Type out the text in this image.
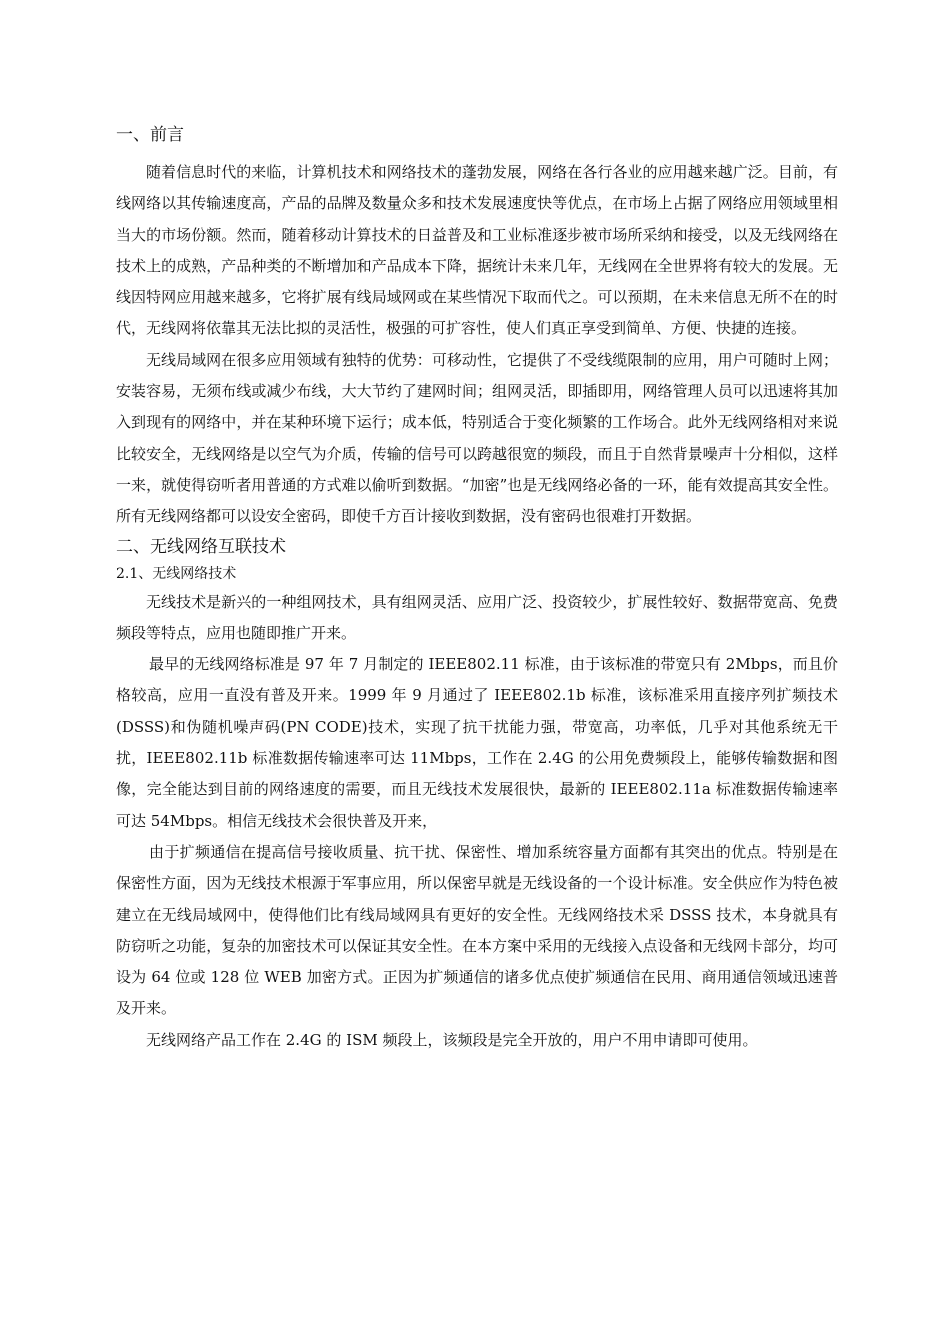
一、前言

随着信息时代的来临，计算机技术和网络技术的蓬勃发展，网络在各行各业的应用越来越广泛。目前，有线网络以其传输速度高，产品的品牌及数量众多和技术发展速度快等优点，在市场上占据了网络应用领域里相当大的市场份额。然而，随着移动计算技术的日益普及和工业标准逐步被市场所采纳和接受，以及无线网络在技术上的成熟，产品种类的不断增加和产品成本下降，据统计未来几年，无线网在全世界将有较大的发展。无线因特网应用越来越多，它将扩展有线局域网或在某些情况下取而代之。可以预期，在未来信息无所不在的时代，无线网将依靠其无法比拟的灵活性，极强的可扩容性，使人们真正享受到简单、方便、快捷的连接。

无线局域网在很多应用领域有独特的优势：可移动性，它提供了不受线缆限制的应用，用户可随时上网；安装容易，无须布线或减少布线，大大节约了建网时间；组网灵活，即插即用，网络管理人员可以迅速将其加入到现有的网络中，并在某种环境下运行；成本低，特别适合于变化频繁的工作场合。此外无线网络相对来说比较安全，无线网络是以空气为介质，传输的信号可以跨越很宽的频段，而且于自然背景噪声十分相似，这样一来，就使得窃听者用普通的方式难以偷听到数据。“加密”也是无线网络必备的一环，能有效提高其安全性。所有无线网络都可以设安全密码，即使千方百计接收到数据，没有密码也很难打开数据。

二、无线网络互联技术
2.1、无线网络技术

无线技术是新兴的一种组网技术，具有组网灵活、应用广泛、投资较少，扩展性较好、数据带宽高、免费频段等特点，应用也随即推广开来。

最早的无线网络标准是 97 年 7 月制定的 IEEE802.11 标准，由于该标准的带宽只有 2Mbps，而且价格较高，应用一直没有普及开来。1999 年 9 月通过了 IEEE802.1b 标准，该标准采用直接序列扩频技术(DSSS)和伪随机噪声码(PN CODE)技术，实现了抗干扰能力强，带宽高，功率低，几乎对其他系统无干扰，IEEE802.11b 标准数据传输速率可达 11Mbps，工作在 2.4G 的公用免费频段上，能够传输数据和图像，完全能达到目前的网络速度的需要，而且无线技术发展很快，最新的 IEEE802.11a 标准数据传输速率可达 54Mbps。相信无线技术会很快普及开来，

由于扩频通信在提高信号接收质量、抗干扰、保密性、增加系统容量方面都有其突出的优点。特别是在保密性方面，因为无线技术根源于军事应用，所以保密早就是无线设备的一个设计标准。安全供应作为特色被建立在无线局域网中，使得他们比有线局域网具有更好的安全性。无线网络技术采 DSSS 技术，本身就具有防窃听之功能，复杂的加密技术可以保证其安全性。在本方案中采用的无线接入点设备和无线网卡部分，均可设为 64 位或 128 位 WEB 加密方式。正因为扩频通信的诸多优点使扩频通信在民用、商用通信领域迅速普及开来。

无线网络产品工作在 2.4G 的 ISM 频段上，该频段是完全开放的，用户不用申请即可使用。
